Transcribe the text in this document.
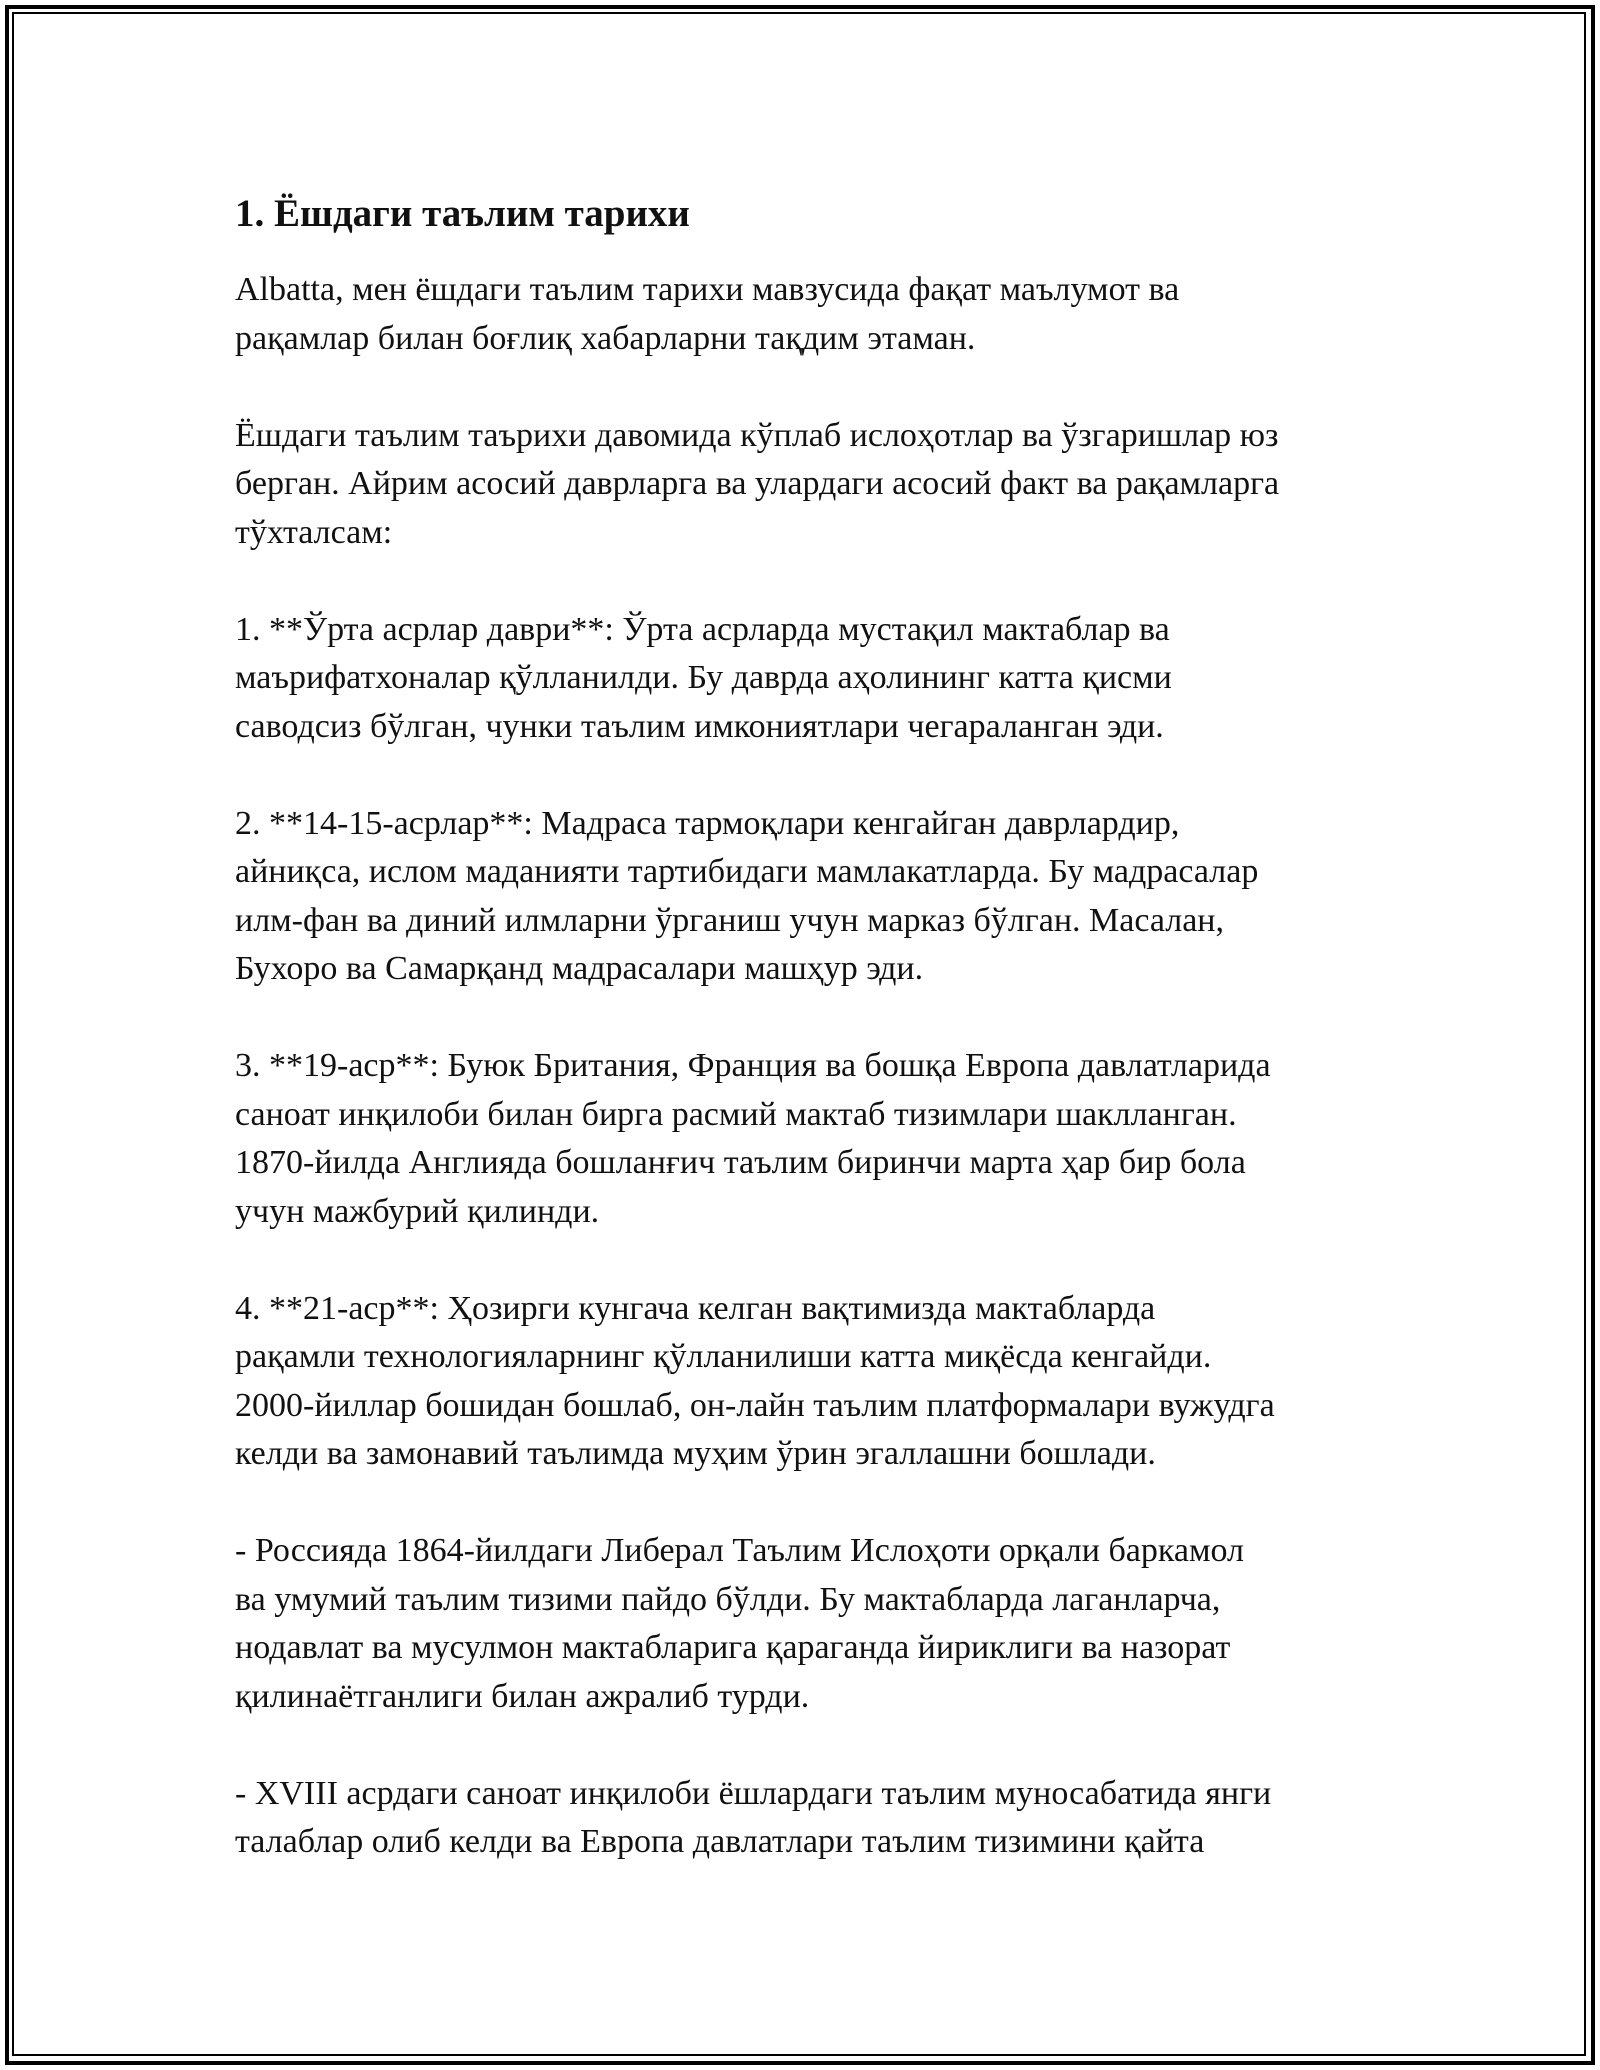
1. Ёшдаги таълим тарихи

Albatta, мен ёшдаги таълим тарихи мавзусида фақат маълумот ва
рақамлар билан боғлиқ хабарларни тақдим этаман.

Ёшдаги таълим таърихи давомида кўплаб ислоҳотлар ва ўзгаришлар юз
берган. Айрим асосий даврларга ва улардаги асосий факт ва рақамларга
тўхталсам:

1. **Ўрта асрлар даври**: Ўрта асрларда мустақил мактаблар ва
маърифатхоналар қўлланилди. Бу даврда аҳолининг катта қисми
саводсиз бўлган, чунки таълим имкониятлари чегараланган эди.

2. **14-15-асрлар**: Мадраса тармоқлари кенгайган даврлардир,
айниқса, ислом маданияти тартибидаги мамлакатларда. Бу мадрасалар
илм-фан ва диний илмларни ўрганиш учун марказ бўлган. Масалан,
Бухоро ва Самарқанд мадрасалари машҳур эди.

3. **19-аср**: Буюк Британия, Франция ва бошқа Европа давлатларида
саноат инқилоби билан бирга расмий мактаб тизимлари шаклланган.
1870-йилда Англияда бошланғич таълим биринчи марта ҳар бир бола
учун мажбурий қилинди.

4. **21-аср**: Ҳозирги кунгача келган вақтимизда мактабларда
рақамли технологияларнинг қўлланилиши катта миқёсда кенгайди.
2000-йиллар бошидан бошлаб, он-лайн таълим платформалари вужудга
келди ва замонавий таълимда муҳим ўрин эгаллашни бошлади.

- Россияда 1864-йилдаги Либерал Таълим Ислоҳоти орқали баркамол
ва умумий таълим тизими пайдо бўлди. Бу мактабларда лаганларча,
нодавлат ва мусулмон мактабларига қараганда йириклиги ва назорат
қилинаётганлиги билан ажралиб турди.

- XVIII асрдаги саноат инқилоби ёшлардаги таълим муносабатида янги
талаблар олиб келди ва Европа давлатлари таълим тизимини қайта
